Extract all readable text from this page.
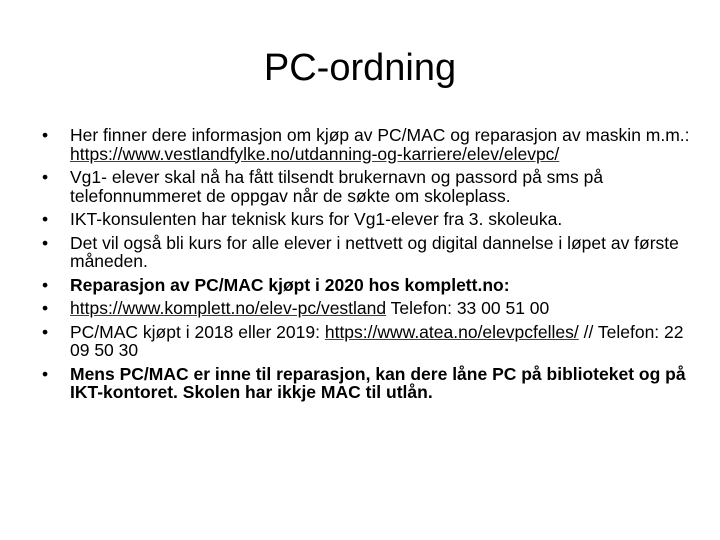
PC-ordning
•	Her finner dere informasjon om kjøp av PC/MAC og reparasjon av maskin m.m.: https://www.vestlandfylke.no/utdanning-og-karriere/elev/elevpc/
•	Vg1- elever skal nå ha fått tilsendt brukernavn og passord på sms på telefonnummeret de oppgav når de søkte om skoleplass.
•	IKT-konsulenten har teknisk kurs for Vg1-elever fra 3. skoleuka.
•	Det vil også bli kurs for alle elever i nettvett og digital dannelse i løpet av første måneden.
•	Reparasjon av PC/MAC kjøpt i 2020 hos komplett.no:
•	https://www.komplett.no/elev-pc/vestland Telefon: 33 00 51 00
•	PC/MAC kjøpt i 2018 eller 2019: https://www.atea.no/elevpcfelles/ // Telefon: 22 09 50 30
•	Mens PC/MAC er inne til reparasjon, kan dere låne PC på biblioteket og på IKT-kontoret. Skolen har ikkje MAC til utlån.
